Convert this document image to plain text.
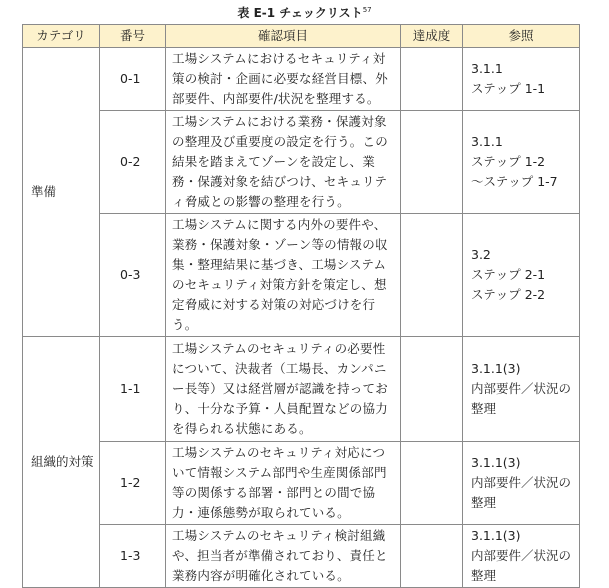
表 E-1 チェックリスト$^{57}$
カテゴリ	番号	確認項目	達成度	参照
準備	0-1	工場システムにおけるセキュリティ対策の検討・企画に必要な経営目標、外部要件、内部要件/状況を整理する。		3.1.1
ステップ 1-1

	0-2	工場システムにおける業務・保護対象の整理及び重要度の設定を行う。この結果を踏まえてゾーンを設定し、業務・保護対象を結びつけ、セキュリティ脅威との影響の整理を行う。		3.1.1
ステップ 1-2
～ステップ 1-7

	0-3	工場システムに関する内外の要件や、業務・保護対象・ゾーン等の情報の収集・整理結果に基づき、工場システムのセキュリティ対策方針を策定し、想定脅威に対する対策の対応づけを行う。		3.2
ステップ 2-1
ステップ 2-2

組織的対策	1-1	工場システムのセキュリティの必要性について、決裁者（工場長、カンパニー長等）又は経営層が認識を持っており、十分な予算・人員配置などの協力を得られる状態にある。		3.1.1(3)
内部要件／状況の
整理

	1-2	工場システムのセキュリティ対応について情報システム部門や生産関係部門等の関係する部署・部門との間で協力・連係態勢が取られている。		3.1.1(3)
内部要件／状況の
整理

	1-3	工場システムのセキュリティ検討組織や、担当者が準備されており、責任と業務内容が明確化されている。		3.1.1(3)
内部要件／状況の
整理
